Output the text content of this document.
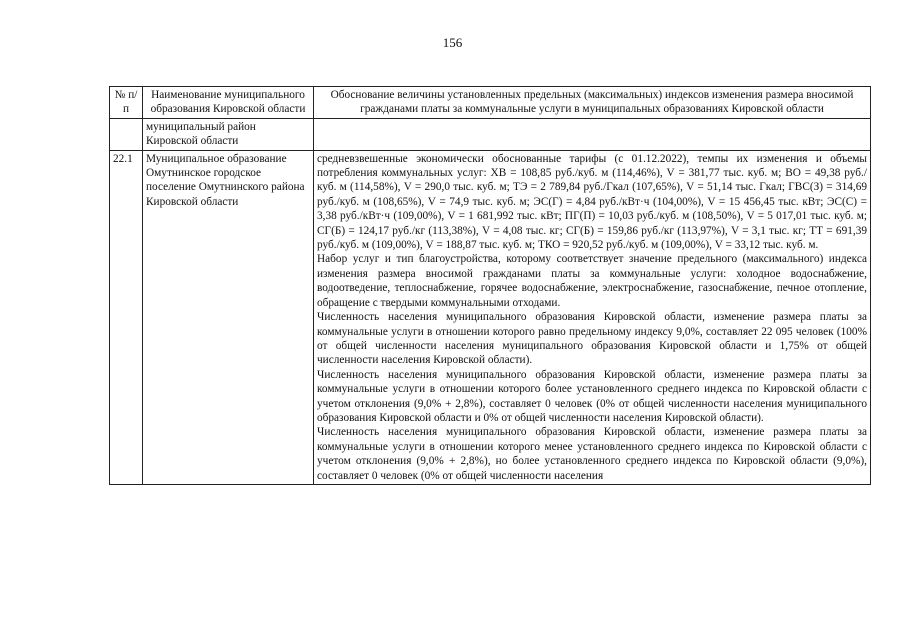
156
№ п/п	Наименование муниципального образования Кировской области	Обоснование величины установленных предельных (максимальных) индексов изменения размера вносимой гражданами платы за коммунальные услуги в муниципальных образованиях Кировской области
	муниципальный район Кировской области	
22.1	Муниципальное образование Омутнинское городское поселение Омутнинского района Кировской области	средневзвешенные экономически обоснованные тарифы (с 01.12.2022), темпы их изменения и объемы потребления коммунальных услуг: ХВ = 108,85 руб./куб. м (114,46%), V = 381,77 тыс. куб. м; ВО = 49,38 руб./куб. м (114,58%), V = 290,0 тыс. куб. м; ТЭ = 2 789,84 руб./Гкал (107,65%), V = 51,14 тыс. Гкал; ГВС(З) = 314,69 руб./куб. м (108,65%), V = 74,9 тыс. куб. м; ЭС(Г) = 4,84 руб./кВт·ч (104,00%), V = 15 456,45 тыс. кВт; ЭС(С) = 3,38 руб./кВт·ч (109,00%), V = 1 681,992 тыс. кВт; ПГ(П) = 10,03 руб./куб. м (108,50%), V = 5 017,01 тыс. куб. м; СГ(Б) = 124,17 руб./кг (113,38%), V = 4,08 тыс. кг; СГ(Б) = 159,86 руб./кг (113,97%), V = 3,1 тыс. кг; ТТ = 691,39 руб./куб. м (109,00%), V = 188,87 тыс. куб. м; ТКО = 920,52 руб./куб. м (109,00%), V = 33,12 тыс. куб. м.

Набор услуг и тип благоустройства, которому соответствует значение предельного (максимального) индекса изменения размера вносимой гражданами платы за коммунальные услуги: холодное водоснабжение, водоотведение, теплоснабжение, горячее водоснабжение, электроснабжение, газоснабжение, печное отопление, обращение с твердыми коммунальными отходами.

Численность населения муниципального образования Кировской области, изменение размера платы за коммунальные услуги в отношении которого равно предельному индексу 9,0%, составляет 22 095 человек (100% от общей численности населения муниципального образования Кировской области и 1,75% от общей численности населения Кировской области).

Численность населения муниципального образования Кировской области, изменение размера платы за коммунальные услуги в отношении которого более установленного среднего индекса по Кировской области с учетом отклонения (9,0% + 2,8%), составляет 0 человек (0% от общей численности населения муниципального образования Кировской области и 0% от общей численности населения Кировской области).

Численность населения муниципального образования Кировской области, изменение размера платы за коммунальные услуги в отношении которого менее установленного среднего индекса по Кировской области с учетом отклонения (9,0% + 2,8%), но более установленного среднего индекса по Кировской области (9,0%), составляет 0 человек (0% от общей численности населения
